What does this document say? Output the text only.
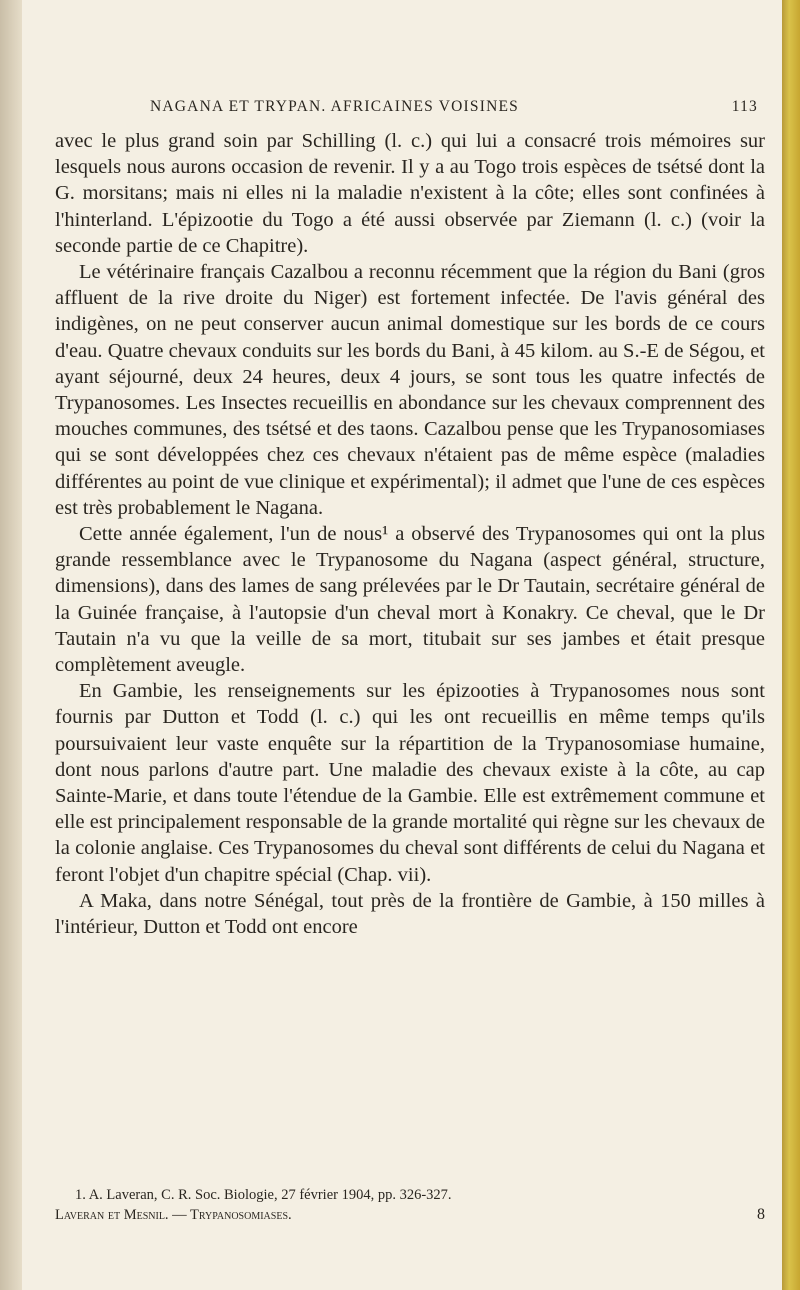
NAGANA ET TRYPAN. AFRICAINES VOISINES	113

avec le plus grand soin par Schilling (l. c.) qui lui a consacré trois mémoires sur lesquels nous aurons occasion de revenir. Il y a au Togo trois espèces de tsétsé dont la G. morsitans; mais ni elles ni la maladie n'existent à la côte; elles sont confinées à l'hinterland. L'épizootie du Togo a été aussi observée par Ziemann (l. c.) (voir la seconde partie de ce Chapitre).

Le vétérinaire français Cazalbou a reconnu récemment que la région du Bani (gros affluent de la rive droite du Niger) est fortement infectée. De l'avis général des indigènes, on ne peut conserver aucun animal domestique sur les bords de ce cours d'eau. Quatre chevaux conduits sur les bords du Bani, à 45 kilom. au S.-E de Ségou, et ayant séjourné, deux 24 heures, deux 4 jours, se sont tous les quatre infectés de Trypanosomes. Les Insectes recueillis en abondance sur les chevaux comprennent des mouches communes, des tsétsé et des taons. Cazalbou pense que les Trypanosomiases qui se sont développées chez ces chevaux n'étaient pas de même espèce (maladies différentes au point de vue clinique et expérimental); il admet que l'une de ces espèces est très probablement le Nagana.

Cette année également, l'un de nous¹ a observé des Trypanosomes qui ont la plus grande ressemblance avec le Trypanosome du Nagana (aspect général, structure, dimensions), dans des lames de sang prélevées par le Dr Tautain, secrétaire général de la Guinée française, à l'autopsie d'un cheval mort à Konakry. Ce cheval, que le Dr Tautain n'a vu que la veille de sa mort, titubait sur ses jambes et était presque complètement aveugle.

En Gambie, les renseignements sur les épizooties à Trypanosomes nous sont fournis par Dutton et Todd (l. c.) qui les ont recueillis en même temps qu'ils poursuivaient leur vaste enquête sur la répartition de la Trypanosomiase humaine, dont nous parlons d'autre part. Une maladie des chevaux existe à la côte, au cap Sainte-Marie, et dans toute l'étendue de la Gambie. Elle est extrêmement commune et elle est principalement responsable de la grande mortalité qui règne sur les chevaux de la colonie anglaise. Ces Trypanosomes du cheval sont différents de celui du Nagana et feront l'objet d'un chapitre spécial (Chap. vii).

A Maka, dans notre Sénégal, tout près de la frontière de Gambie, à 150 milles à l'intérieur, Dutton et Todd ont encore

1. A. Laveran, C. R. Soc. Biologie, 27 février 1904, pp. 326-327.
Laveran et Mesnil. — Trypanosomiases.	8
